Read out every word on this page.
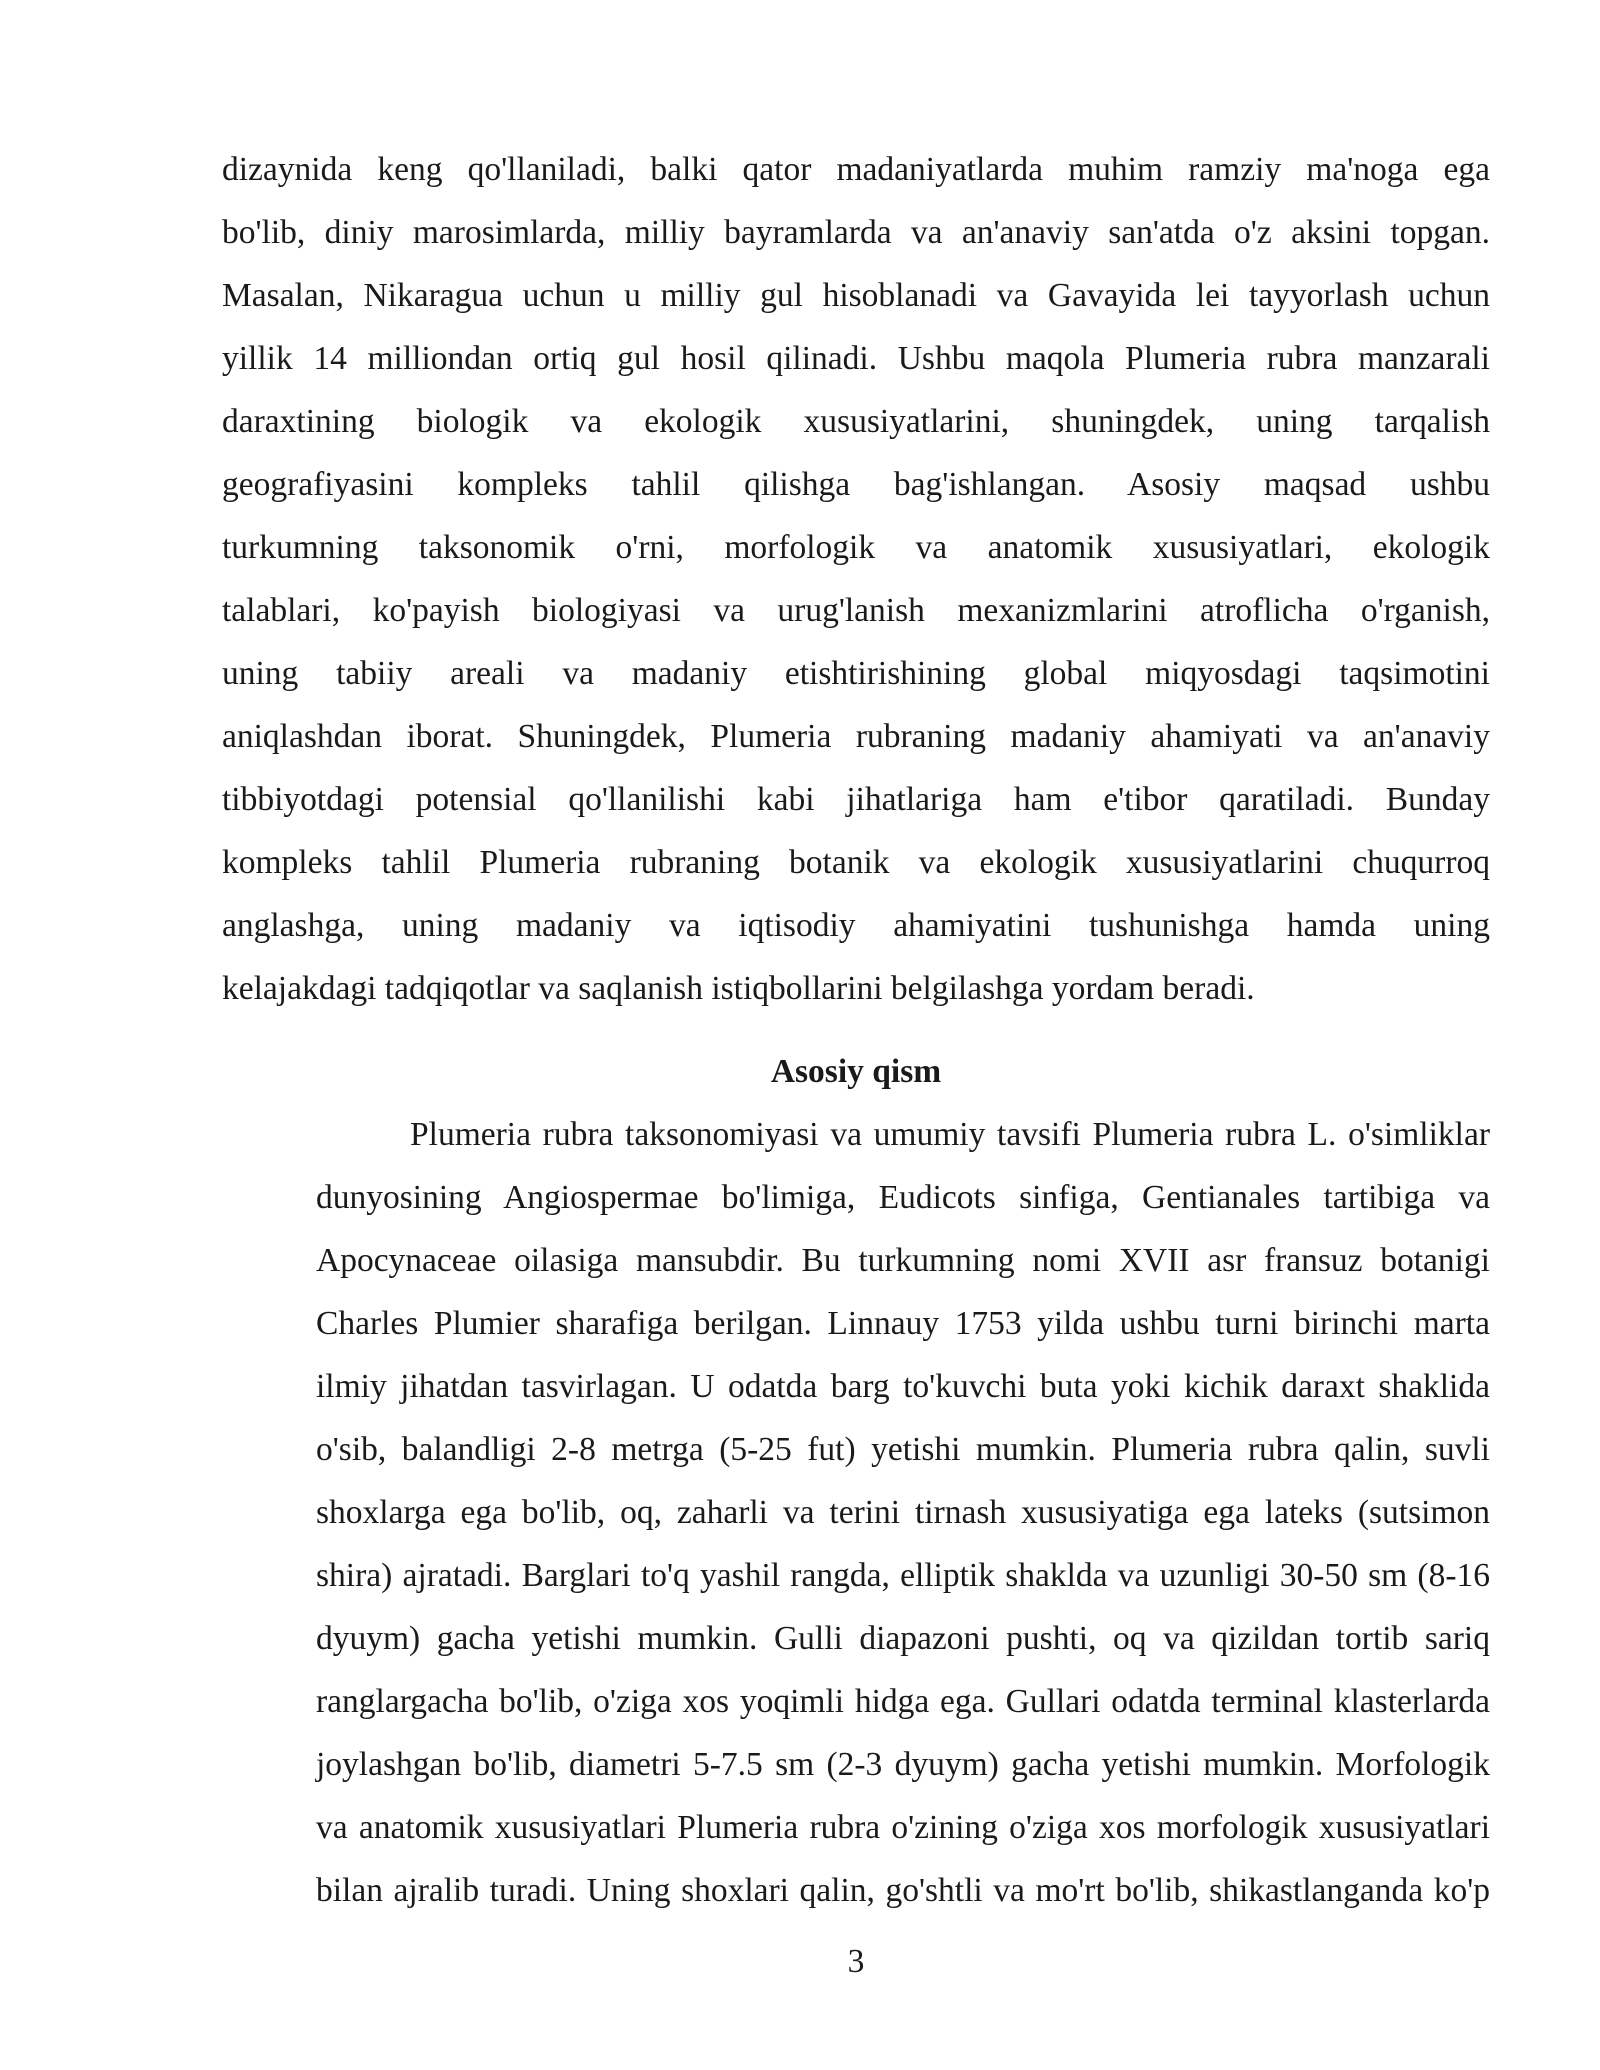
dizaynida keng qo'llaniladi, balki qator madaniyatlarda muhim ramziy ma'noga ega
bo'lib, diniy marosimlarda, milliy bayramlarda va an'anaviy san'atda o'z aksini topgan.
Masalan, Nikaragua uchun u milliy gul hisoblanadi va Gavayida lei tayyorlash uchun
yillik 14 milliondan ortiq gul hosil qilinadi. Ushbu maqola Plumeria rubra manzarali
daraxtining biologik va ekologik xususiyatlarini, shuningdek, uning tarqalish
geografiyasini kompleks tahlil qilishga bag'ishlangan. Asosiy maqsad ushbu
turkumning taksonomik o'rni, morfologik va anatomik xususiyatlari, ekologik
talablari, ko'payish biologiyasi va urug'lanish mexanizmlarini atroflicha o'rganish,
uning tabiiy areali va madaniy etishtirishining global miqyosdagi taqsimotini
aniqlashdan iborat. Shuningdek, Plumeria rubraning madaniy ahamiyati va an'anaviy
tibbiyotdagi potensial qo'llanilishi kabi jihatlariga ham e'tibor qaratiladi. Bunday
kompleks tahlil Plumeria rubraning botanik va ekologik xususiyatlarini chuqurroq
anglashga, uning madaniy va iqtisodiy ahamiyatini tushunishga hamda uning
kelajakdagi tadqiqotlar va saqlanish istiqbollarini belgilashga yordam beradi.
Asosiy qism
Plumeria rubra taksonomiyasi va umumiy tavsifi Plumeria rubra L. o'simliklar
dunyosining Angiospermae bo'limiga, Eudicots sinfiga, Gentianales tartibiga va
Apocynaceae oilasiga mansubdir. Bu turkumning nomi XVII asr fransuz botanigi
Charles Plumier sharafiga berilgan. Linnauy 1753 yilda ushbu turni birinchi marta
ilmiy jihatdan tasvirlagan. U odatda barg to'kuvchi buta yoki kichik daraxt shaklida
o'sib, balandligi 2-8 metrga (5-25 fut) yetishi mumkin. Plumeria rubra qalin, suvli
shoxlarga ega bo'lib, oq, zaharli va terini tirnash xususiyatiga ega lateks (sutsimon
shira) ajratadi. Barglari to'q yashil rangda, elliptik shaklda va uzunligi 30-50 sm (8-16
dyuym) gacha yetishi mumkin. Gulli diapazoni pushti, oq va qizildan tortib sariq
ranglargacha bo'lib, o'ziga xos yoqimli hidga ega. Gullari odatda terminal klasterlarda
joylashgan bo'lib, diametri 5-7.5 sm (2-3 dyuym) gacha yetishi mumkin. Morfologik
va anatomik xususiyatlari Plumeria rubra o'zining o'ziga xos morfologik xususiyatlari
bilan ajralib turadi. Uning shoxlari qalin, go'shtli va mo'rt bo'lib, shikastlanganda ko'p
3
